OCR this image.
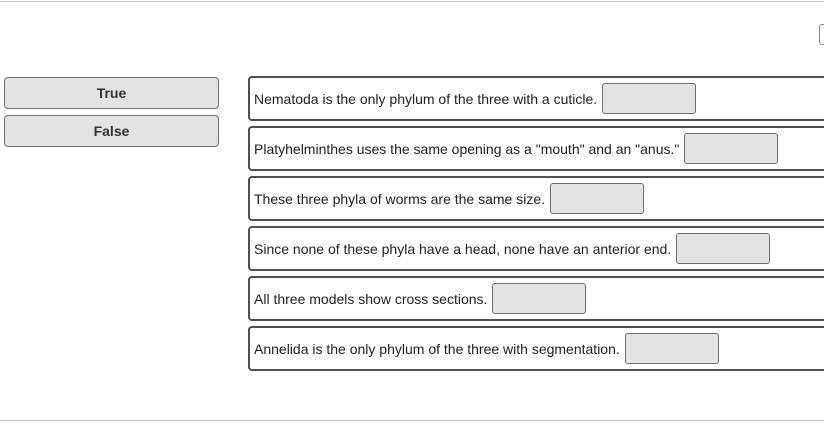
True
False
Nematoda is the only phylum of the three with a cuticle.
Platyhelminthes uses the same opening as a "mouth" and an "anus."
These three phyla of worms are the same size.
Since none of these phyla have a head, none have an anterior end.
All three models show cross sections.
Annelida is the only phylum of the three with segmentation.
